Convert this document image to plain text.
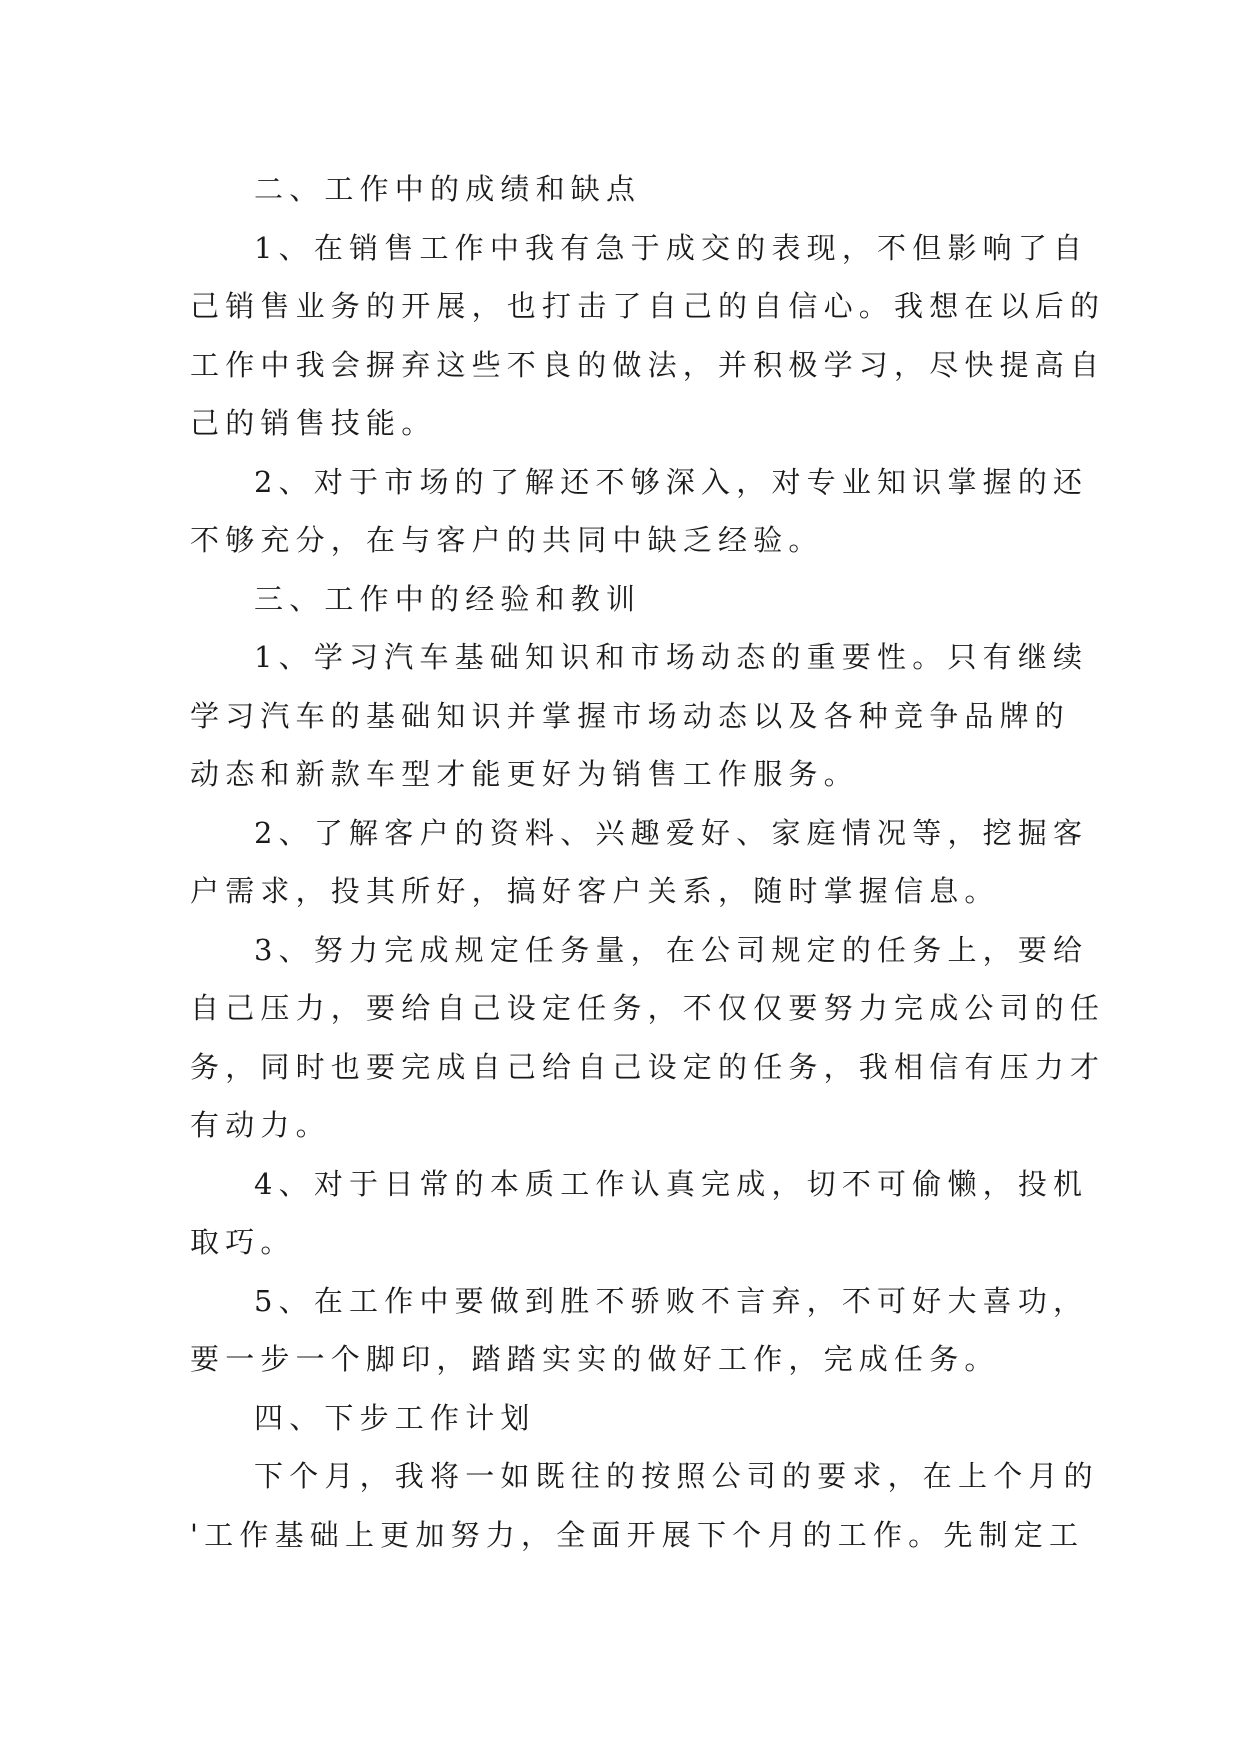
二、工作中的成绩和缺点
1、在销售工作中我有急于成交的表现，不但影响了自
己销售业务的开展，也打击了自己的自信心。我想在以后的
工作中我会摒弃这些不良的做法，并积极学习，尽快提高自
己的销售技能。
2、对于市场的了解还不够深入，对专业知识掌握的还
不够充分，在与客户的共同中缺乏经验。
三、工作中的经验和教训
1、学习汽车基础知识和市场动态的重要性。只有继续
学习汽车的基础知识并掌握市场动态以及各种竞争品牌的
动态和新款车型才能更好为销售工作服务。
2、了解客户的资料、兴趣爱好、家庭情况等，挖掘客
户需求，投其所好，搞好客户关系，随时掌握信息。
3、努力完成规定任务量，在公司规定的任务上，要给
自己压力，要给自己设定任务，不仅仅要努力完成公司的任
务，同时也要完成自己给自己设定的任务，我相信有压力才
有动力。
4、对于日常的本质工作认真完成，切不可偷懒，投机
取巧。
5、在工作中要做到胜不骄败不言弃，不可好大喜功，
要一步一个脚印，踏踏实实的做好工作，完成任务。
四、下步工作计划
下个月，我将一如既往的按照公司的要求，在上个月的
'工作基础上更加努力，全面开展下个月的工作。先制定工
